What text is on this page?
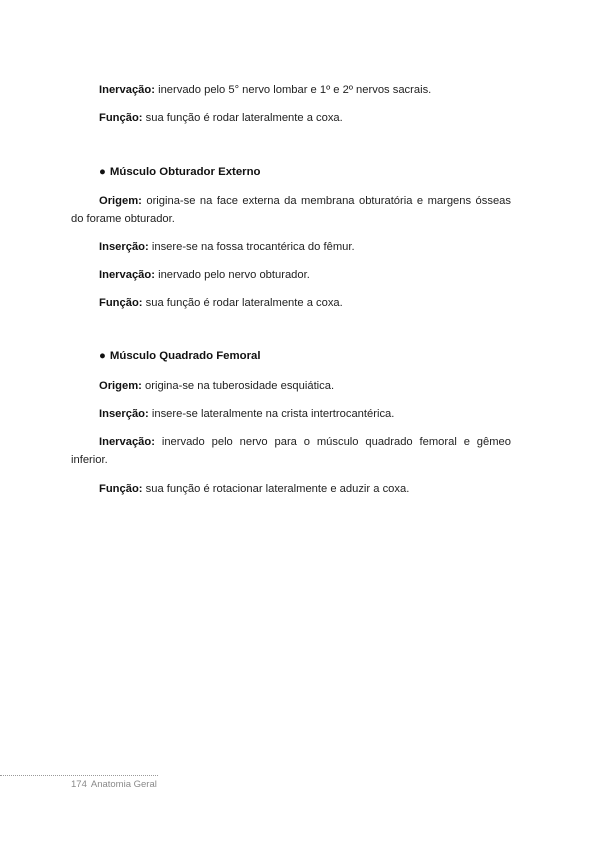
Inervação: inervado pelo 5° nervo lombar e 1º e 2º nervos sacrais.

Função: sua função é rodar lateralmente a coxa.

● Músculo Obturador Externo

Origem: origina-se na face externa da membrana obturatória e margens ósseas do forame obturador.

Inserção: insere-se na fossa trocantérica do fêmur.

Inervação: inervado pelo nervo obturador.

Função: sua função é rodar lateralmente a coxa.

● Músculo Quadrado Femoral

Origem: origina-se na tuberosidade esquiática.

Inserção: insere-se lateralmente na crista intertrocantérica.

Inervação: inervado pelo nervo para o músculo quadrado femoral e gêmeo inferior.

Função: sua função é rotacionar lateralmente e aduzir a coxa.

174 Anatomia Geral
